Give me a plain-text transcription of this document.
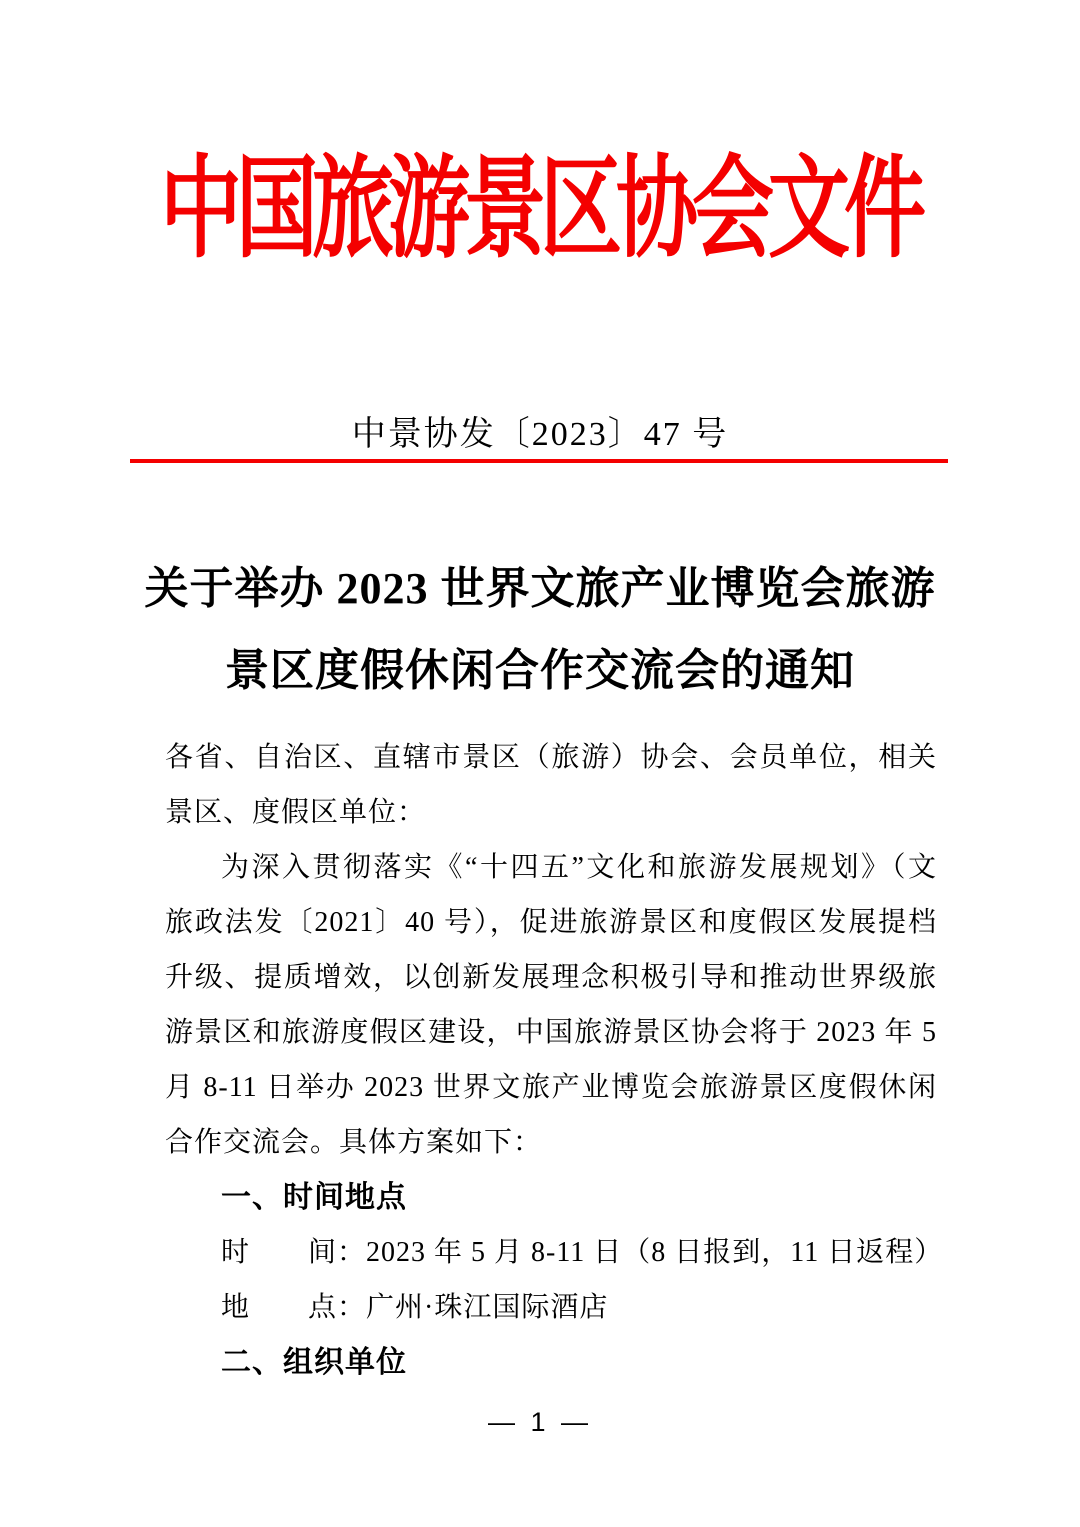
中国旅游景区协会文件
中景协发〔2023〕47 号
关于举办 2023 世界文旅产业博览会旅游
景区度假休闲合作交流会的通知
各省、自治区、直辖市景区（旅游）协会、会员单位，相关
景区、度假区单位：
为深入贯彻落实《“十四五”文化和旅游发展规划》（文
旅政法发〔2021〕40 号），促进旅游景区和度假区发展提档
升级、提质增效，以创新发展理念积极引导和推动世界级旅
游景区和旅游度假区建设，中国旅游景区协会将于 2023 年 5
月 8-11 日举办 2023 世界文旅产业博览会旅游景区度假休闲
合作交流会。具体方案如下：
一、时间地点
时　　间：2023 年 5 月 8-11 日（8 日报到，11 日返程）
地　　点：广州·珠江国际酒店
二、组织单位
— 1 —
